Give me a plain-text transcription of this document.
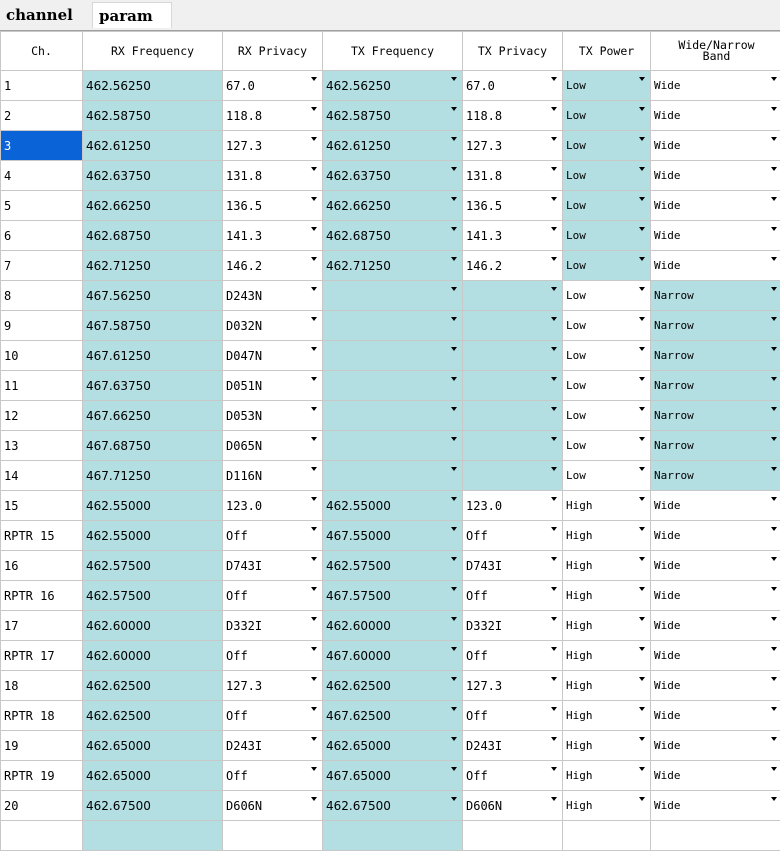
channel	param
Ch.	RX Frequency	RX Privacy	TX Frequency	TX Privacy	TX Power	Wide/Narrow
Band

1	462.56250	67.0	462.56250	67.0	Low	Wide

2	462.58750	118.8	462.58750	118.8	Low	Wide

3	462.61250	127.3	462.61250	127.3	Low	Wide

4	462.63750	131.8	462.63750	131.8	Low	Wide

5	462.66250	136.5	462.66250	136.5	Low	Wide

6	462.68750	141.3	462.68750	141.3	Low	Wide

7	462.71250	146.2	462.71250	146.2	Low	Wide

8	467.56250	D243N			Low	Narrow

9	467.58750	D032N			Low	Narrow

10	467.61250	D047N			Low	Narrow

11	467.63750	D051N			Low	Narrow

12	467.66250	D053N			Low	Narrow

13	467.68750	D065N			Low	Narrow

14	467.71250	D116N			Low	Narrow

15	462.55000	123.0	462.55000	123.0	High	Wide

RPTR 15	462.55000	Off	467.55000	Off	High	Wide

16	462.57500	D743I	462.57500	D743I	High	Wide

RPTR 16	462.57500	Off	467.57500	Off	High	Wide

17	462.60000	D332I	462.60000	D332I	High	Wide

RPTR 17	462.60000	Off	467.60000	Off	High	Wide

18	462.62500	127.3	462.62500	127.3	High	Wide

RPTR 18	462.62500	Off	467.62500	Off	High	Wide

19	462.65000	D243I	462.65000	D243I	High	Wide

RPTR 19	462.65000	Off	467.65000	Off	High	Wide

20	462.67500	D606N	462.67500	D606N	High	Wide
